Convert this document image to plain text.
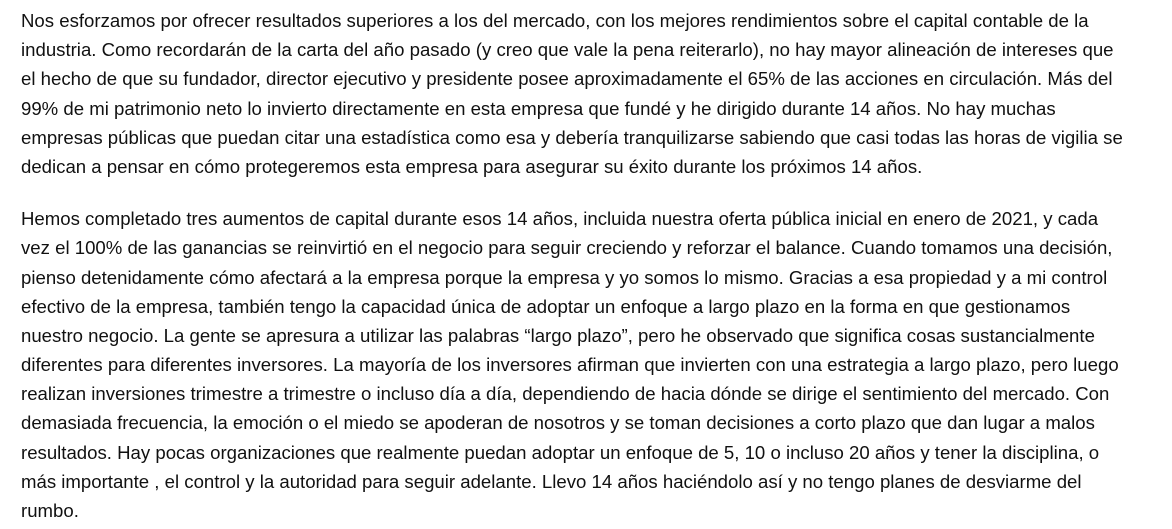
Nos esforzamos por ofrecer resultados superiores a los del mercado, con los mejores rendimientos sobre el capital contable de la
industria. Como recordarán de la carta del año pasado (y creo que vale la pena reiterarlo), no hay mayor alineación de intereses que
el hecho de que su fundador, director ejecutivo y presidente posee aproximadamente el 65% de las acciones en circulación. Más del
99% de mi patrimonio neto lo invierto directamente en esta empresa que fundé y he dirigido durante 14 años. No hay muchas
empresas públicas que puedan citar una estadística como esa y debería tranquilizarse sabiendo que casi todas las horas de vigilia se
dedican a pensar en cómo protegeremos esta empresa para asegurar su éxito durante los próximos 14 años.

Hemos completado tres aumentos de capital durante esos 14 años, incluida nuestra oferta pública inicial en enero de 2021, y cada
vez el 100% de las ganancias se reinvirtió en el negocio para seguir creciendo y reforzar el balance. Cuando tomamos una decisión,
pienso detenidamente cómo afectará a la empresa porque la empresa y yo somos lo mismo. Gracias a esa propiedad y a mi control
efectivo de la empresa, también tengo la capacidad única de adoptar un enfoque a largo plazo en la forma en que gestionamos
nuestro negocio. La gente se apresura a utilizar las palabras “largo plazo”, pero he observado que significa cosas sustancialmente
diferentes para diferentes inversores. La mayoría de los inversores afirman que invierten con una estrategia a largo plazo, pero luego
realizan inversiones trimestre a trimestre o incluso día a día, dependiendo de hacia dónde se dirige el sentimiento del mercado. Con
demasiada frecuencia, la emoción o el miedo se apoderan de nosotros y se toman decisiones a corto plazo que dan lugar a malos
resultados. Hay pocas organizaciones que realmente puedan adoptar un enfoque de 5, 10 o incluso 20 años y tener la disciplina, o
más importante , el control y la autoridad para seguir adelante. Llevo 14 años haciéndolo así y no tengo planes de desviarme del
rumbo.
